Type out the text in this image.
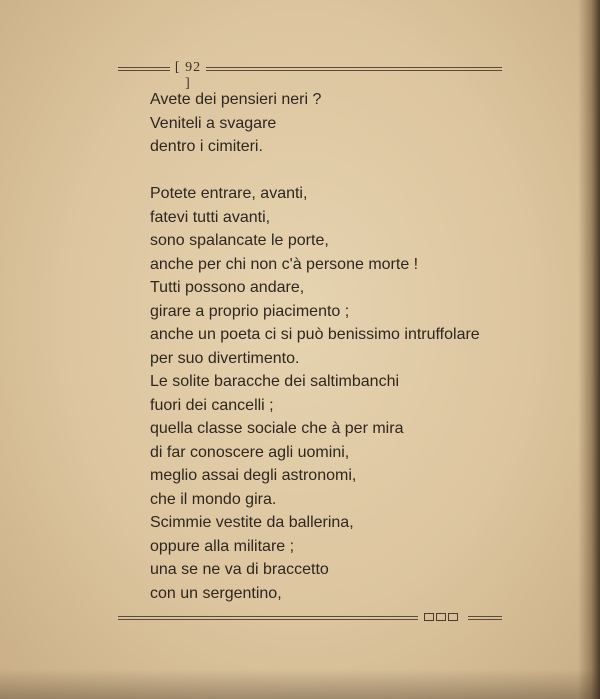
[ 92 ]
Avete dei pensieri neri ?
Veniteli a svagare
dentro i cimiteri.
Potete entrare, avanti,
fatevi tutti avanti,
sono spalancate le porte,
anche per chi non c'à persone morte !
Tutti possono andare,
girare a proprio piacimento ;
anche un poeta ci si può benissimo intruffolare
per suo divertimento.
Le solite baracche dei saltimbanchi
fuori dei cancelli ;
quella classe sociale che à per mira
di far conoscere agli uomini,
meglio assai degli astronomi,
che il mondo gira.
Scimmie vestite da ballerina,
oppure alla militare ;
una se ne va di braccetto
con un sergentino,
